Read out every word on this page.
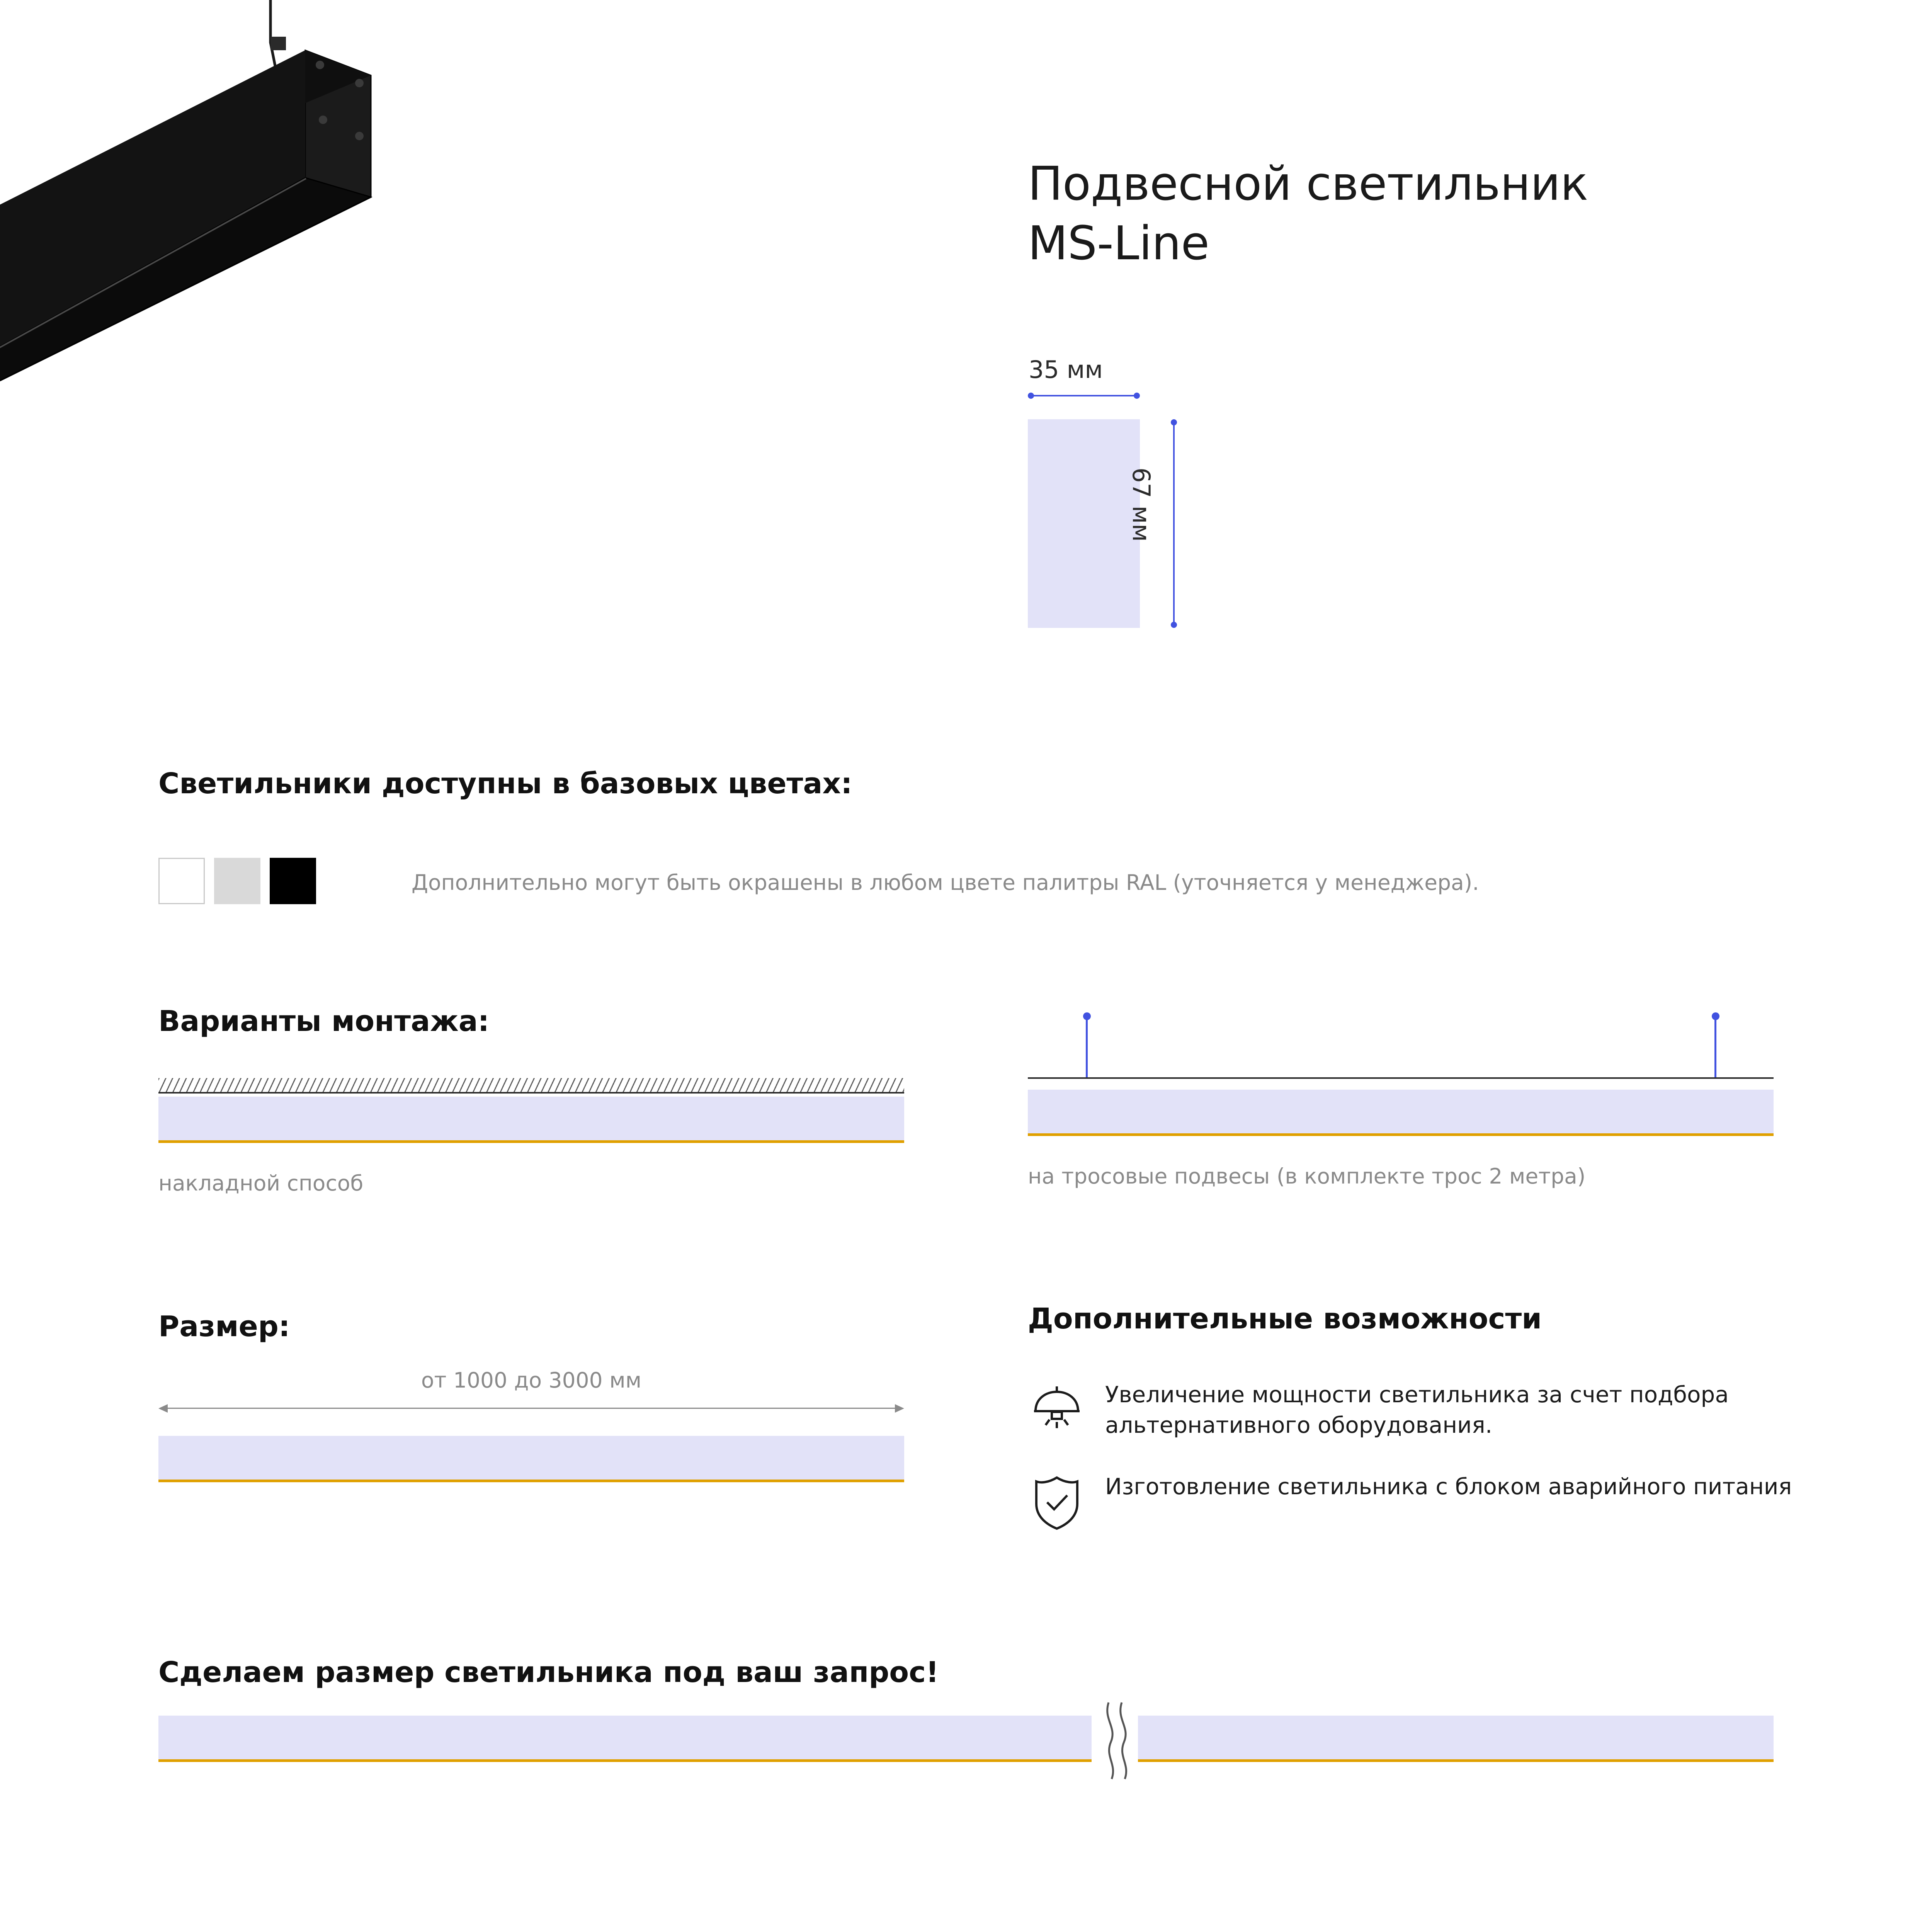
Подвесной светильник
MS-Line
35 мм
67 мм
Светильники доступны в базовых цветах:
Дополнительно могут быть окрашены в любом цвете палитры RAL (уточняется у менеджера).
Варианты монтажа:
накладной способ	на тросовые подвесы (в комплекте трос 2 метра)
Размер:
от 1000 до 3000 мм
Дополнительные возможности
Увеличение мощности светильника за счет подбора альтернативного оборудования.
Изготовление светильника с блоком аварийного питания
Сделаем размер светильника под ваш запрос!
